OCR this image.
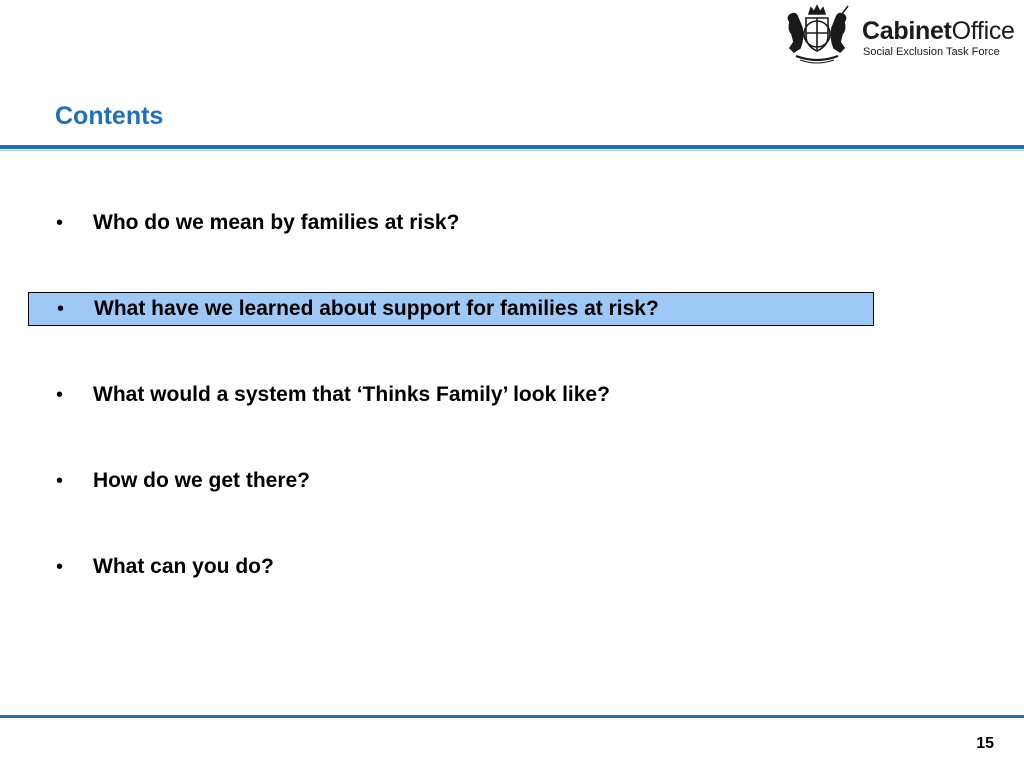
CabinetOffice
Social Exclusion Task Force
Contents
•	Who do we mean by families at risk?
•	What have we learned about support for families at risk?
•	What would a system that ‘Thinks Family’ look like?
•	How do we get there?
•	What can you do?
15
